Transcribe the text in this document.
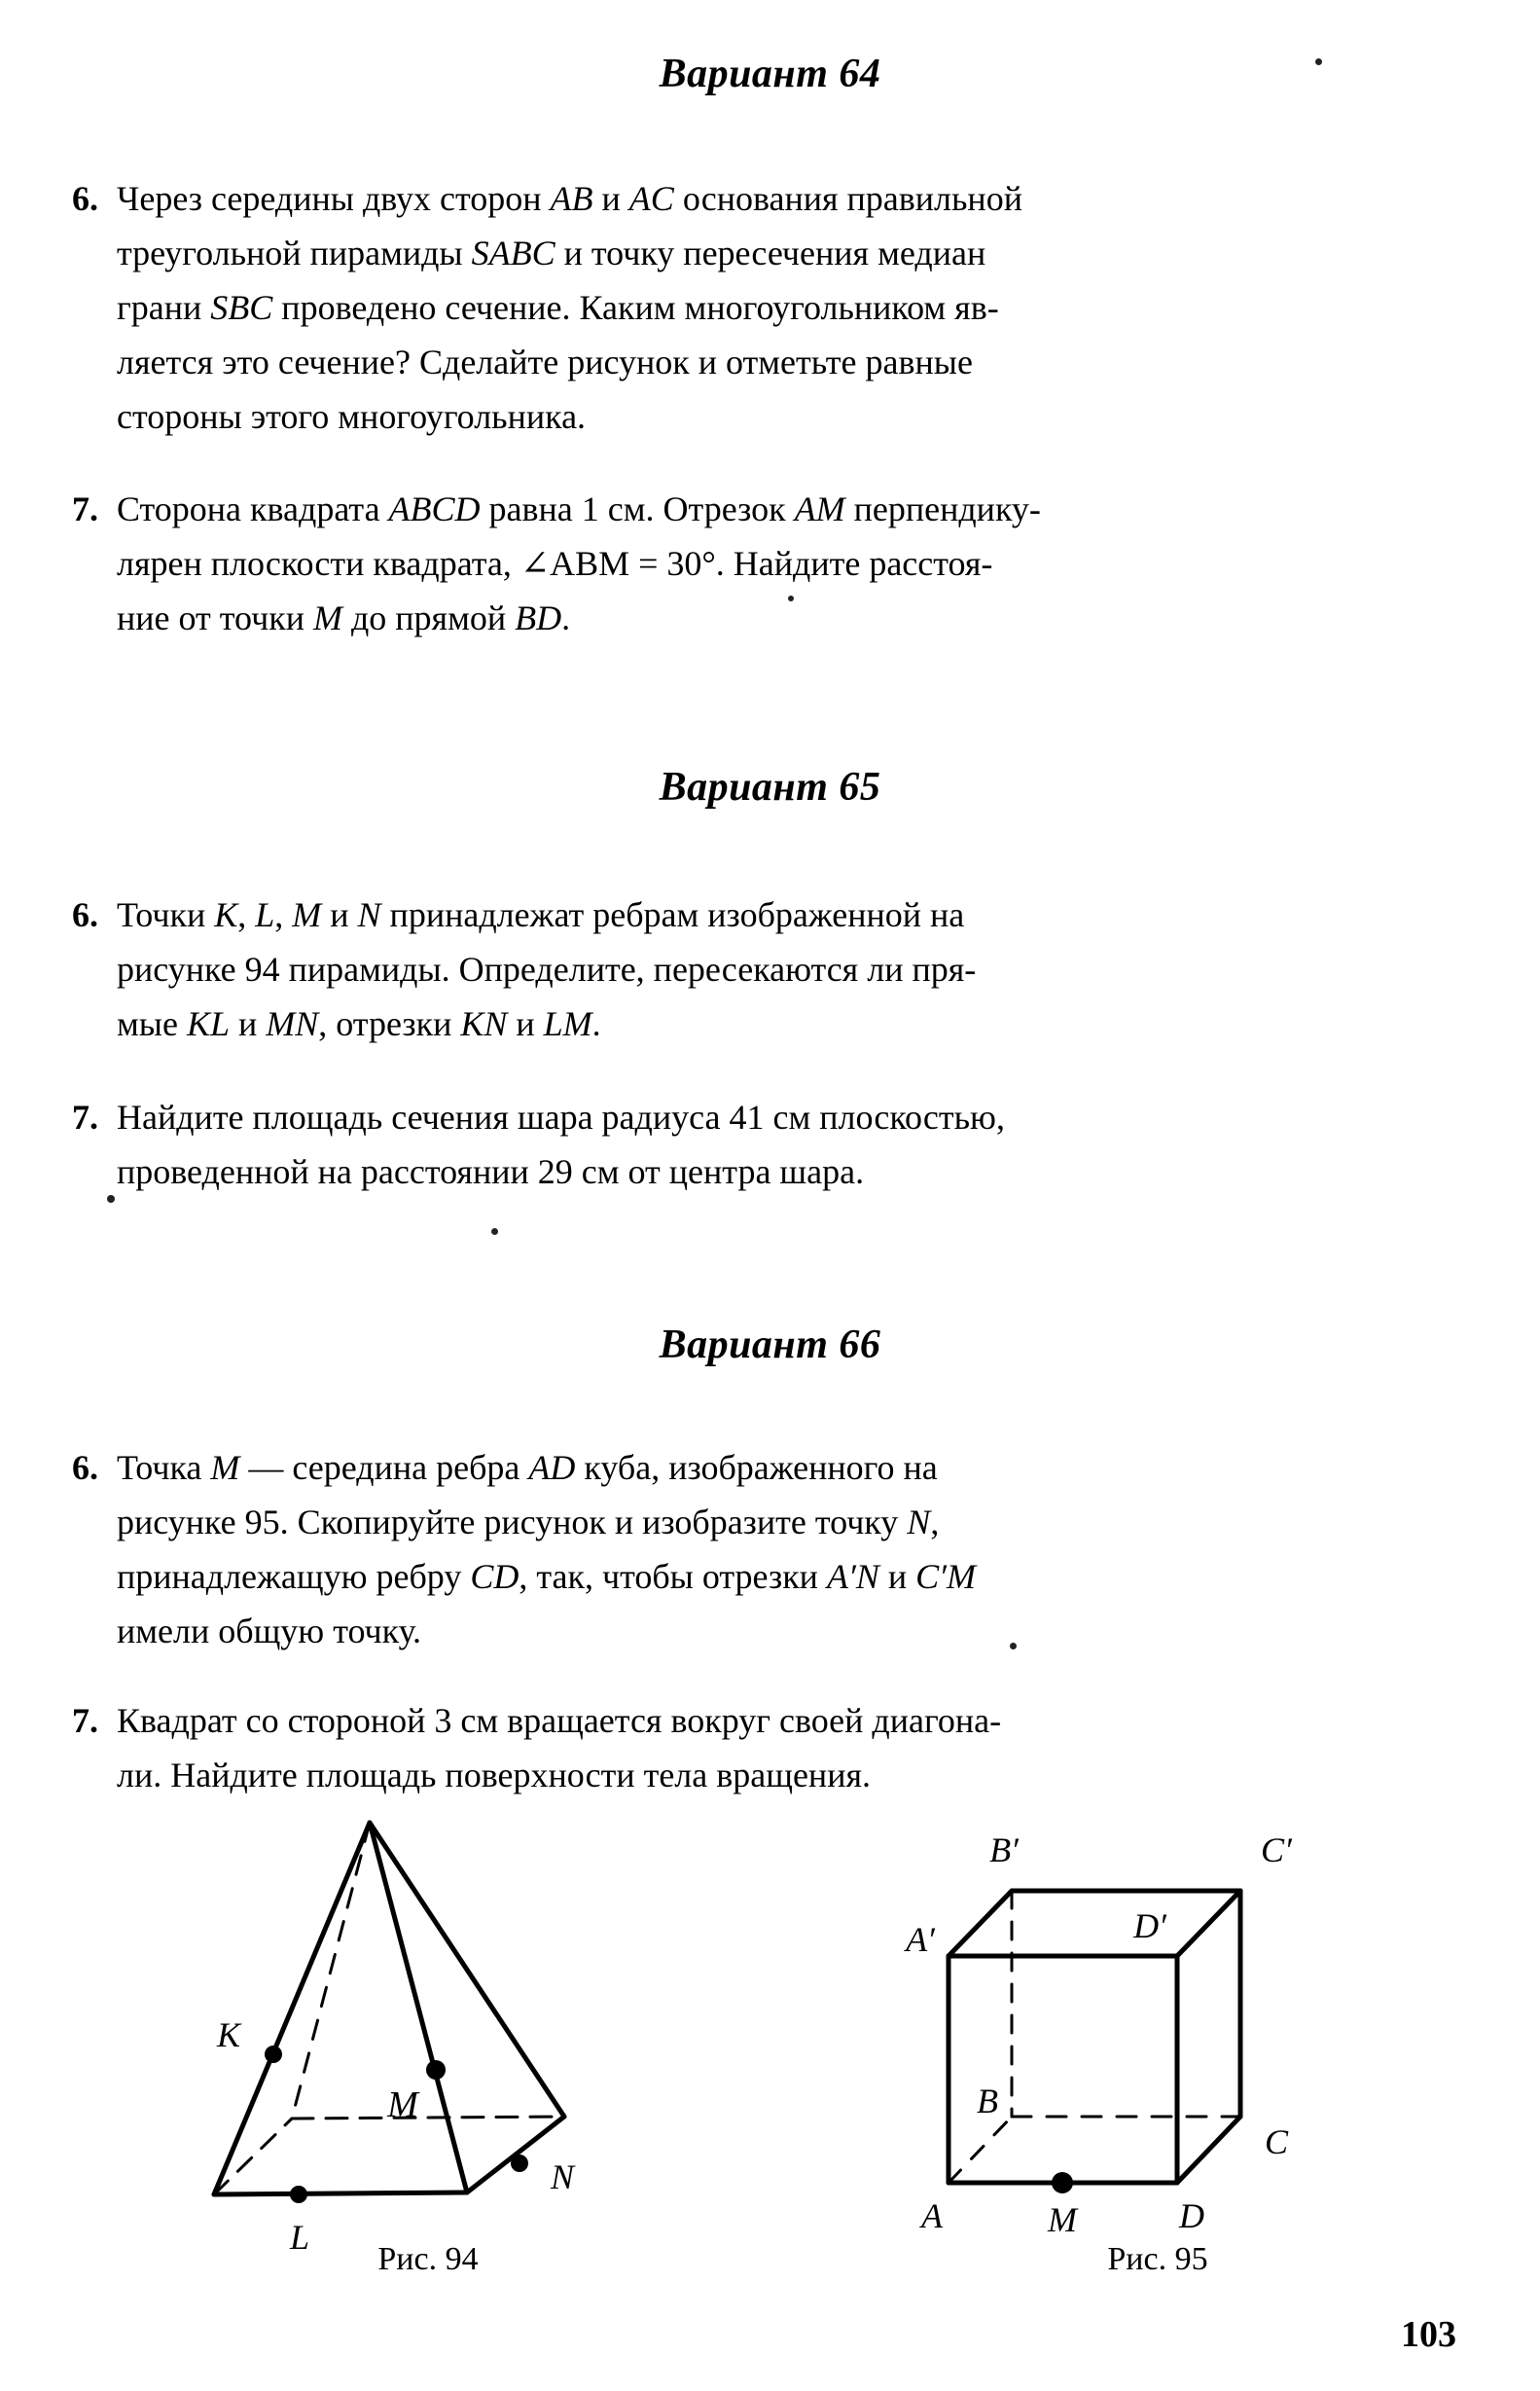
Вариант 64
6. Через середины двух сторон AB и AC основания правильной

треугольной пирамиды SABC и точку пересечения медиан

грани SBC проведено сечение. Каким многоугольником яв-

ляется это сечение? Сделайте рисунок и отметьте равные

стороны этого многоугольника.

7. Сторона квадрата ABCD равна 1 см. Отрезок AM перпендику-

лярен плоскости квадрата, ∠ABM = 30°. Найдите расстоя-

ние от точки M до прямой BD.

Вариант 65
6. Точки K, L, M и N принадлежат ребрам изображенной на

рисунке 94 пирамиды. Определите, пересекаются ли пря-

мые KL и MN, отрезки KN и LM.

7. Найдите площадь сечения шара радиуса 41 см плоскостью,

проведенной на расстоянии 29 см от центра шара.

Вариант 66
6. Точка M — середина ребра AD куба, изображенного на

рисунке 95. Скопируйте рисунок и изобразите точку N,

принадлежащую ребру CD, так, чтобы отрезки A′N и C′M

имели общую точку.

7. Квадрат со стороной 3 см вращается вокруг своей диагона-

ли. Найдите площадь поверхности тела вращения.

K
L
M
N
Рис. 94
A′
B′	C′
D′
B
C
A	M	D
Рис. 95
103
